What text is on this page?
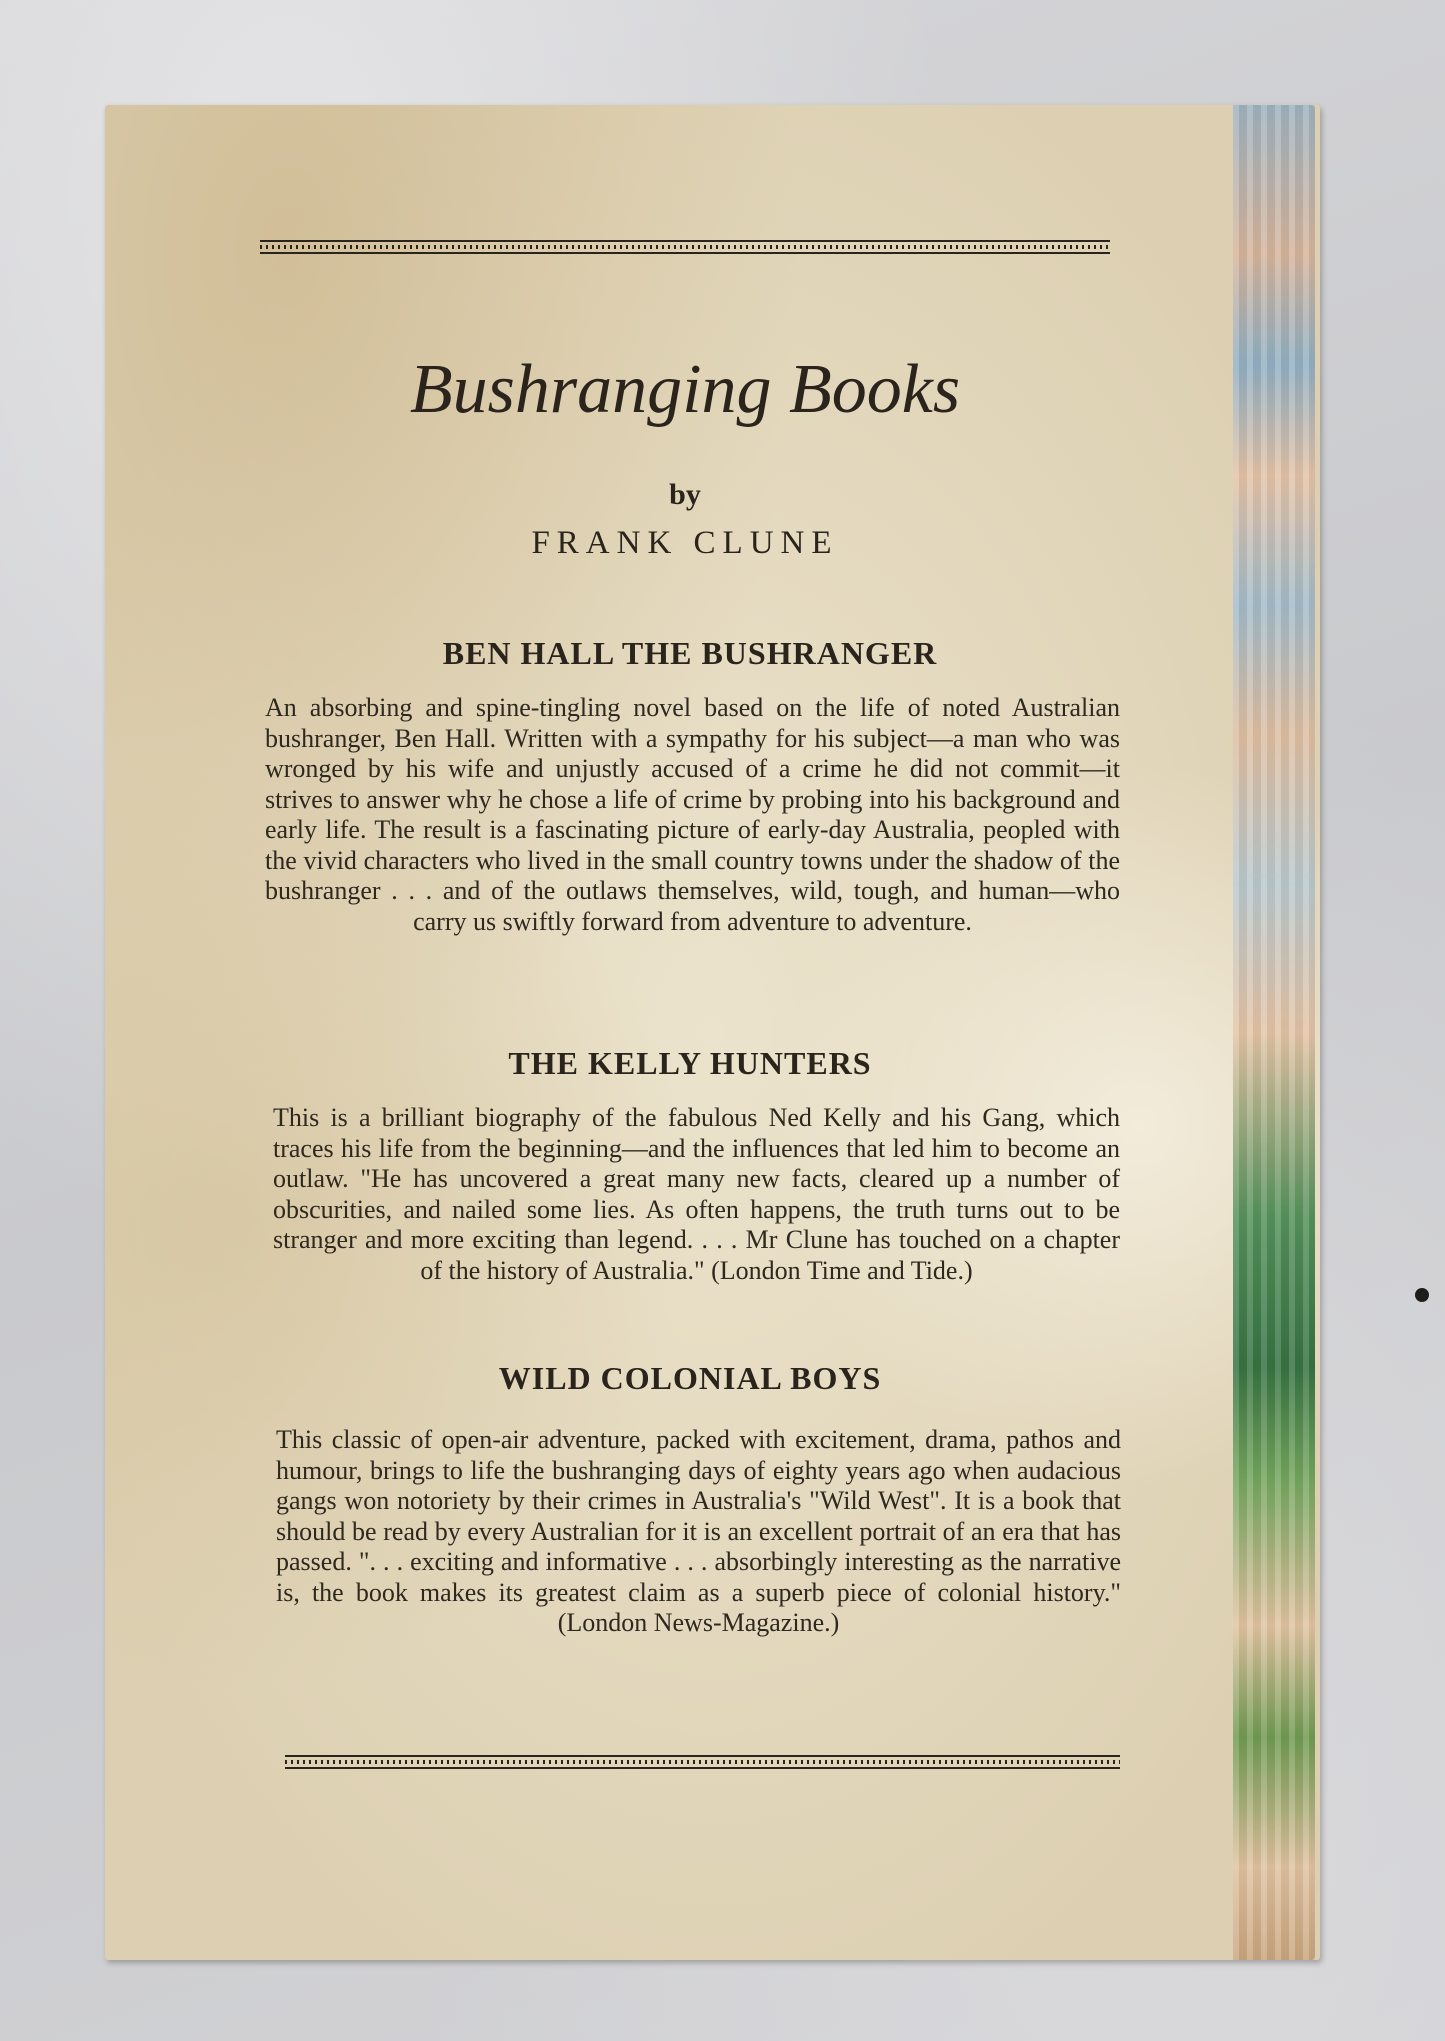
Bushranging Books
by
FRANK CLUNE
BEN HALL THE BUSHRANGER
An absorbing and spine-tingling novel based on the life of noted Australian bushranger, Ben Hall. Written with a sympathy for his subject—a man who was wronged by his wife and unjustly accused of a crime he did not commit—it strives to answer why he chose a life of crime by probing into his background and early life. The result is a fascinating picture of early-day Australia, peopled with the vivid characters who lived in the small country towns under the shadow of the bushranger . . . and of the outlaws themselves, wild, tough, and human—who carry us swiftly forward from adventure to adventure.
THE KELLY HUNTERS
This is a brilliant biography of the fabulous Ned Kelly and his Gang, which traces his life from the beginning—and the influences that led him to become an outlaw. "He has uncovered a great many new facts, cleared up a number of obscurities, and nailed some lies. As often happens, the truth turns out to be stranger and more exciting than legend. . . . Mr Clune has touched on a chapter of the history of Australia." (London Time and Tide.)
WILD COLONIAL BOYS
This classic of open-air adventure, packed with excitement, drama, pathos and humour, brings to life the bushranging days of eighty years ago when audacious gangs won notoriety by their crimes in Australia's "Wild West". It is a book that should be read by every Australian for it is an excellent portrait of an era that has passed. ". . . exciting and informative . . . absorbingly interesting as the narrative is, the book makes its greatest claim as a superb piece of colonial history." (London News-Magazine.)
